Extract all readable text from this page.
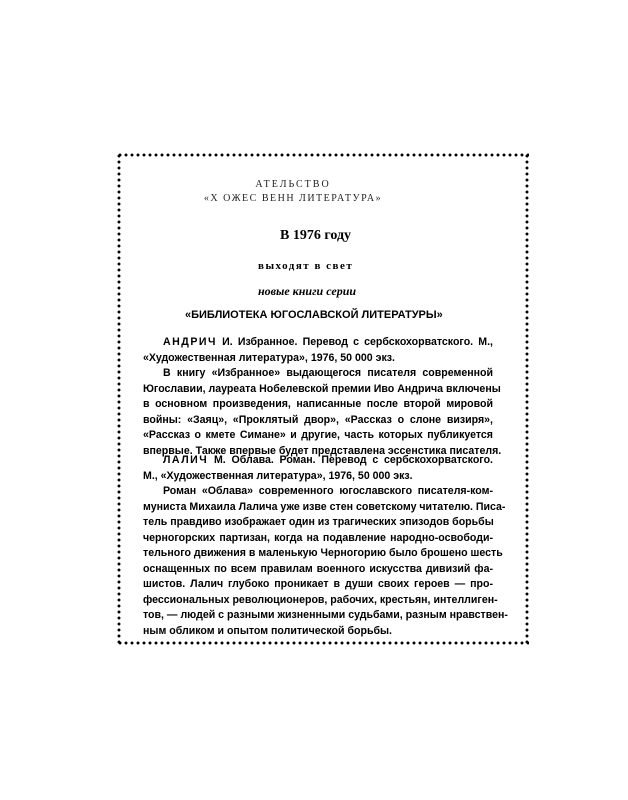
АТЕЛЬСТВО
«Х ОЖЕС ВЕНН ЛИТЕРАТУРА»
В 1976 году
выходят в свет
новые книги серии
«БИБЛИОТЕКА ЮГОСЛАВСКОЙ ЛИТЕРАТУРЫ»
АНДРИЧ И. Избранное. Перевод с сербскохорватского. М.,
«Художественная литература», 1976, 50 000 экз.
В книгу «Избранное» выдающегося писателя современной
Югославии, лауреата Нобелевской премии Иво Андрича включены
в основном произведения, написанные после второй мировой
войны: «Заяц», «Проклятый двор», «Рассказ о слоне визиря»,
«Рассказ о кмете Симане» и другие, часть которых публикуется
впервые. Также впервые будет представлена эссенстика писателя.
ЛАЛИЧ М. Облава. Роман. Перевод с сербскохорватского.
М., «Художественная литература», 1976, 50 000 экз.
Роман «Облава» современного югославского писателя-ком-
муниста Михаила Лалича уже изве стен советскому читателю. Писа-
тель правдиво изображает один из трагических эпизодов борьбы
черногорских партизан, когда на подавление народно-освободи-
тельного движения в маленькую Черногорию было брошено шесть
оснащенных по всем правилам военного искусства дивизий фа-
шистов. Лалич глубоко проникает в души своих героев — про-
фессиональных революционеров, рабочих, крестьян, интеллиген-
тов, — людей с разными жизненными судьбами, разным нравствен-
ным обликом и опытом политической борьбы.
